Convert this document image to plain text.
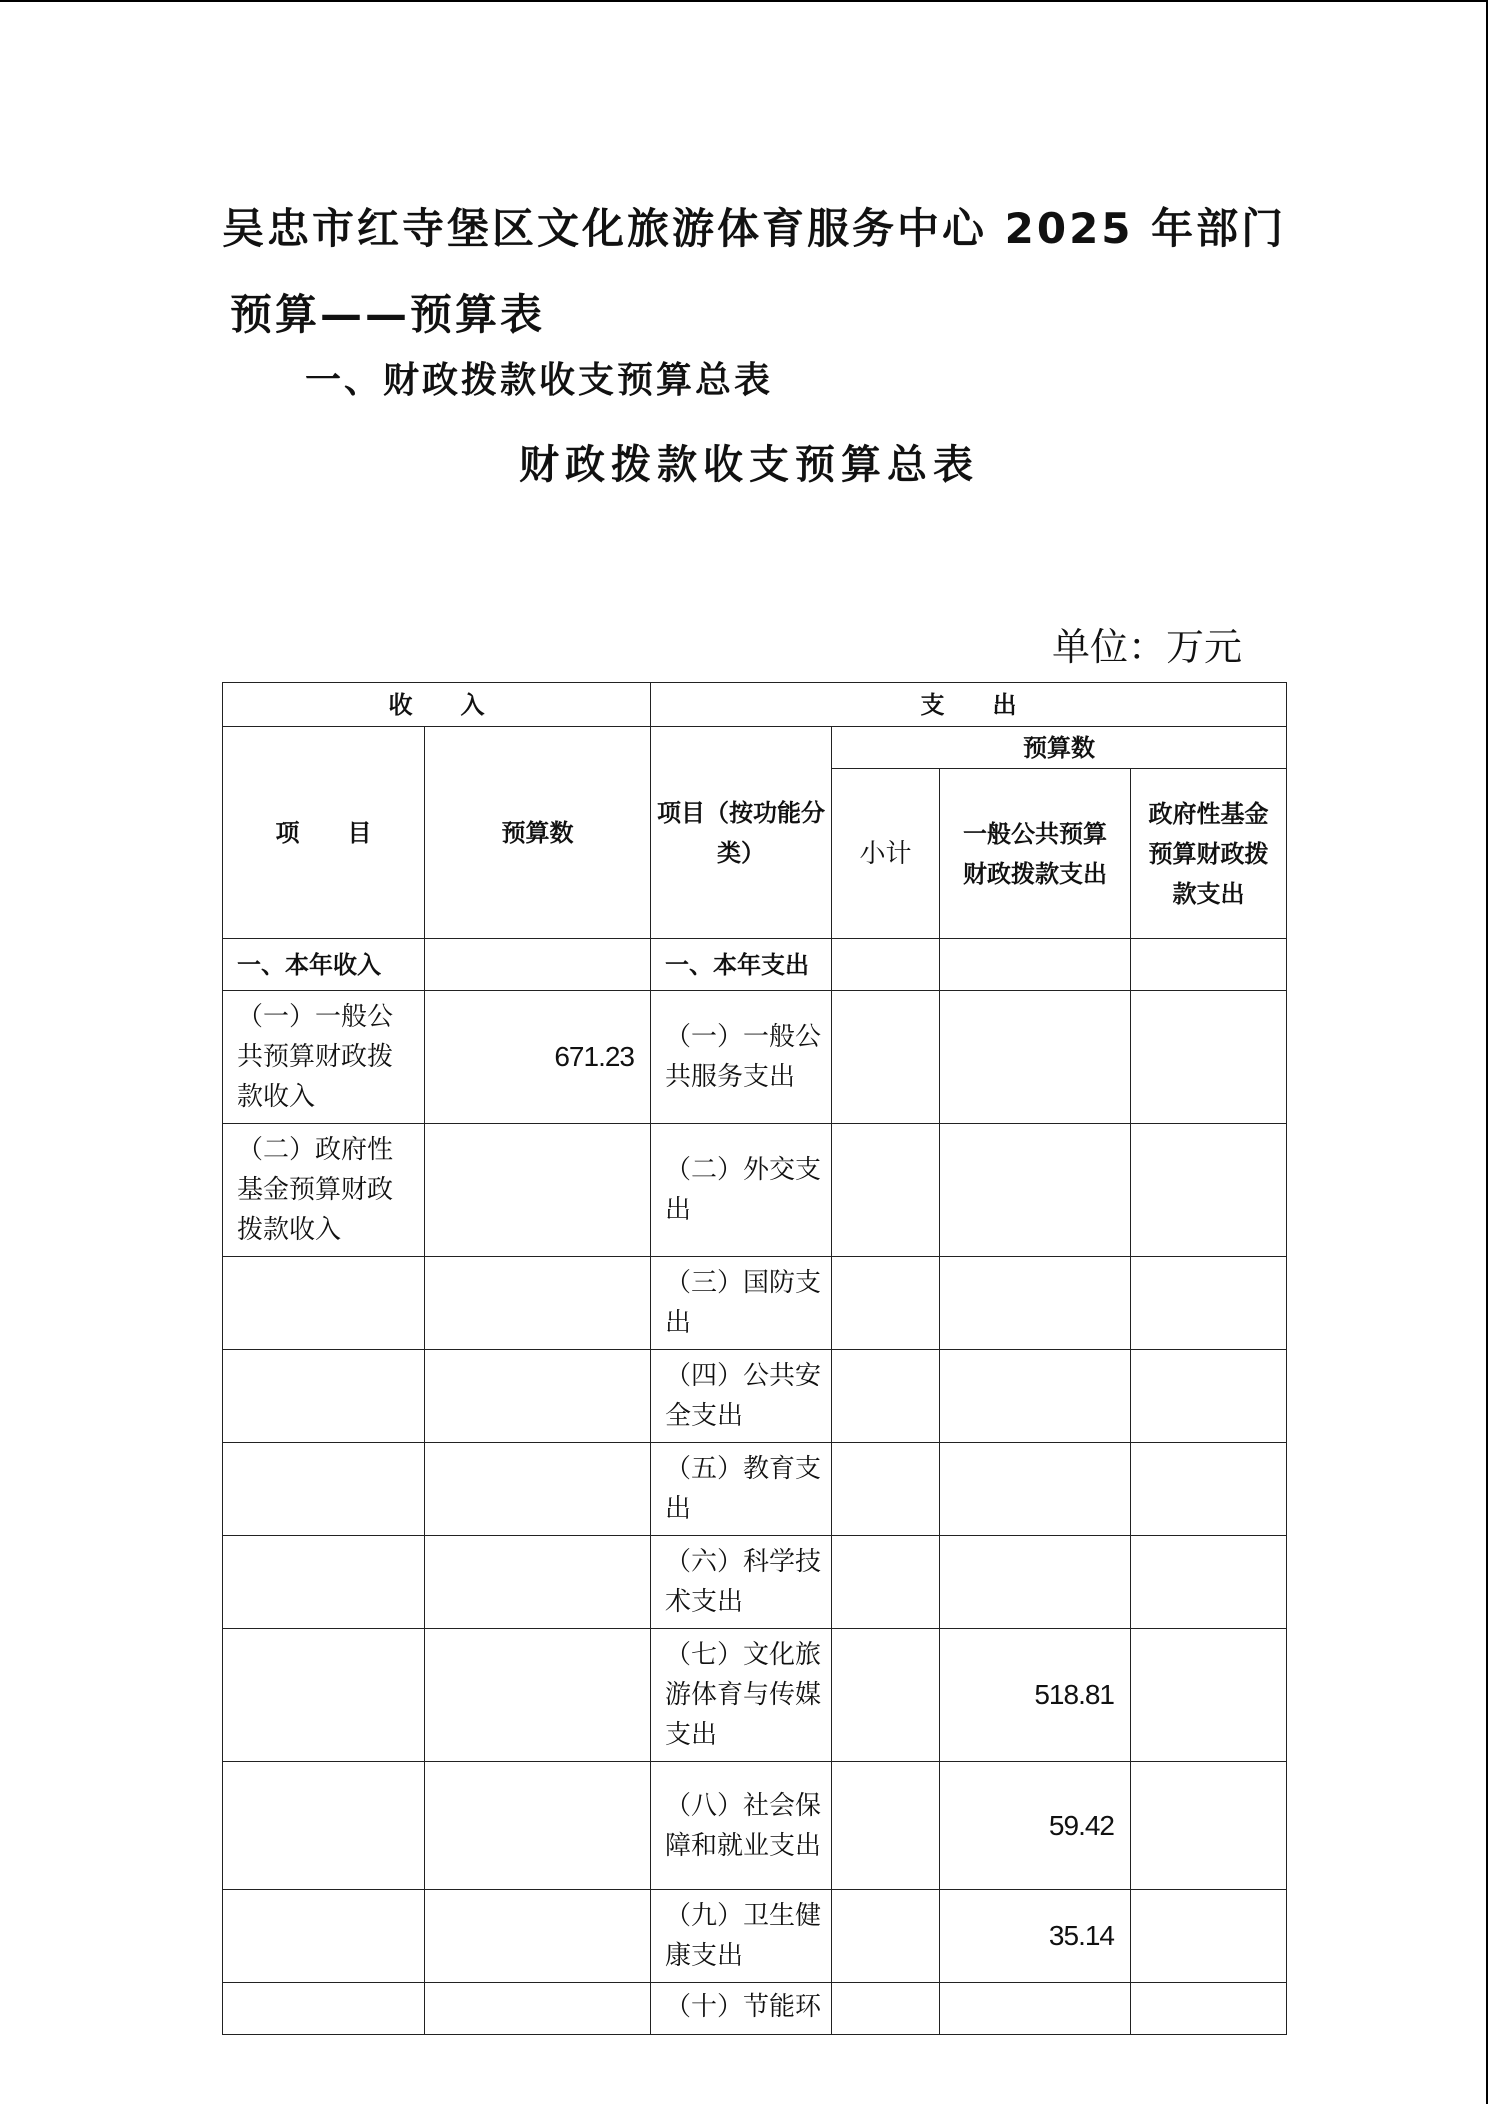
吴忠市红寺堡区文化旅游体育服务中心 2025 年部门
预算——预算表
一、财政拨款收支预算总表
财政拨款收支预算总表
单位：万元
收　　入		支　　出			
项　　目	预算数	项目（按功能分类）	预算数		
			小计	一般公共预算财政拨款支出	政府性基金预算财政拨款支出
一、本年收入		一、本年支出			
（一）一般公共预算财政拨款收入	671.23	（一）一般公共服务支出			
（二）政府性基金预算财政拨款收入		（二）外交支出			
		（三）国防支出			
		（四）公共安全支出			
		（五）教育支出			
		（六）科学技术支出			
		（七）文化旅游体育与传媒支出		518.81	
		（八）社会保障和就业支出		59.42	
		（九）卫生健康支出		35.14	
		（十）节能环			
